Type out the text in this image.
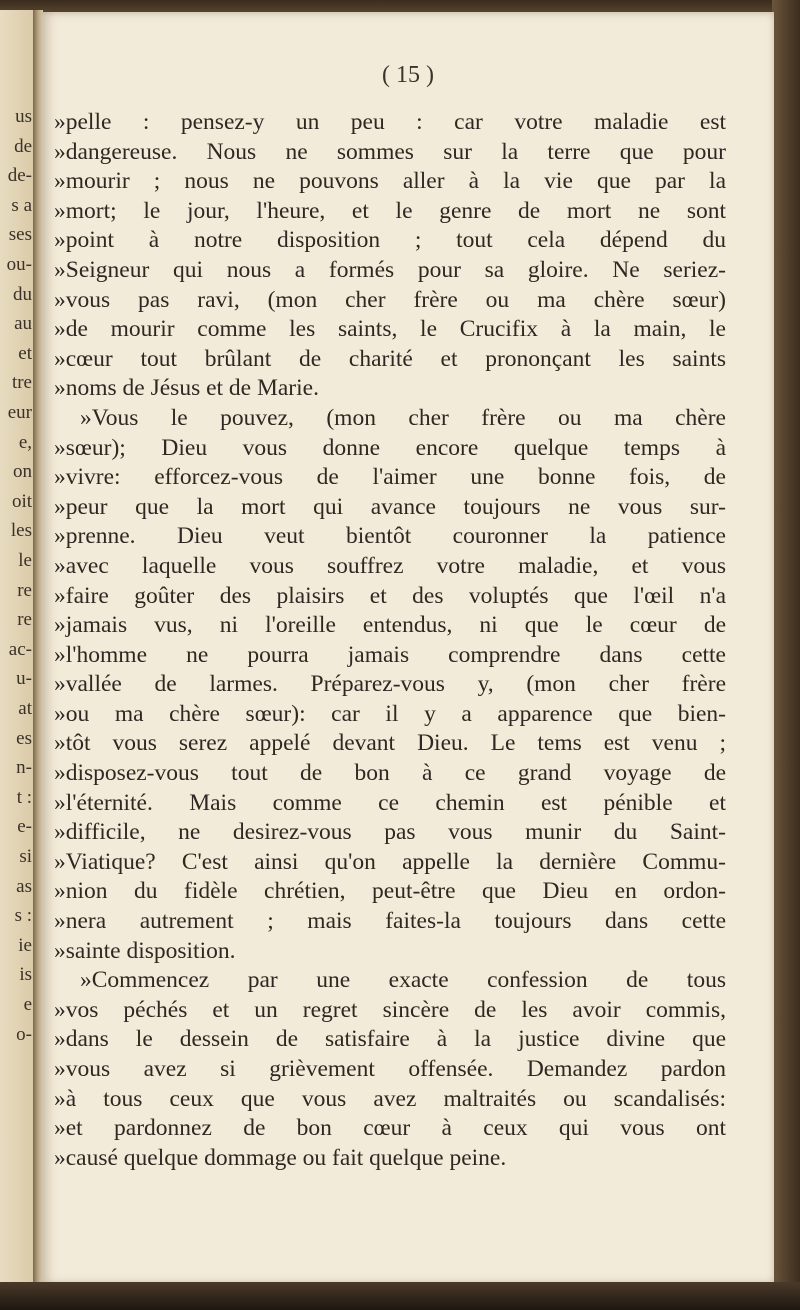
us
de
de-
s a
ses
ou-
du
au
et
tre
eur
e,
on
oit
les
le
re
re
ac-
u-
at
es
n-
t :
e-
si
as
s :
ie
is
e
o-
( 15 )
»pelle : pensez-y un peu : car votre maladie est
»dangereuse. Nous ne sommes sur la terre que pour
»mourir ; nous ne pouvons aller à la vie que par la
»mort; le jour, l'heure, et le genre de mort ne sont
»point à notre disposition ; tout cela dépend du
»Seigneur qui nous a formés pour sa gloire. Ne seriez-
»vous pas ravi, (mon cher frère ou ma chère sœur)
»de mourir comme les saints, le Crucifix à la main, le
»cœur tout brûlant de charité et prononçant les saints
»noms de Jésus et de Marie.
»Vous le pouvez, (mon cher frère ou ma chère
»sœur); Dieu vous donne encore quelque temps à
»vivre: efforcez-vous de l'aimer une bonne fois, de
»peur que la mort qui avance toujours ne vous sur-
»prenne. Dieu veut bientôt couronner la patience
»avec laquelle vous souffrez votre maladie, et vous
»faire goûter des plaisirs et des voluptés que l'œil n'a
»jamais vus, ni l'oreille entendus, ni que le cœur de
»l'homme ne pourra jamais comprendre dans cette
»vallée de larmes. Préparez-vous y, (mon cher frère
»ou ma chère sœur): car il y a apparence que bien-
»tôt vous serez appelé devant Dieu. Le tems est venu ;
»disposez-vous tout de bon à ce grand voyage de
»l'éternité. Mais comme ce chemin est pénible et
»difficile, ne desirez-vous pas vous munir du Saint-
»Viatique? C'est ainsi qu'on appelle la dernière Commu-
»nion du fidèle chrétien, peut-être que Dieu en ordon-
»nera autrement ; mais faites-la toujours dans cette
»sainte disposition.
»Commencez par une exacte confession de tous
»vos péchés et un regret sincère de les avoir commis,
»dans le dessein de satisfaire à la justice divine que
»vous avez si grièvement offensée. Demandez pardon
»à tous ceux que vous avez maltraités ou scandalisés:
»et pardonnez de bon cœur à ceux qui vous ont
»causé quelque dommage ou fait quelque peine.
